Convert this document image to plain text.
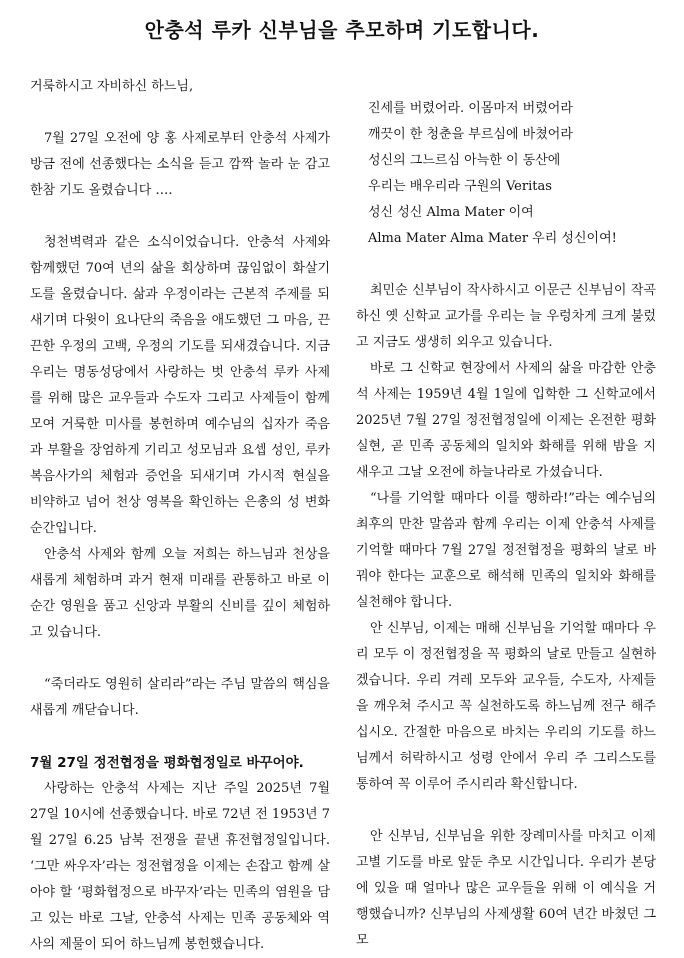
안충석 루카 신부님을 추모하며 기도합니다.

거룩하시고 자비하신 하느님,

7월 27일 오전에 양 홍 사제로부터 안충석 사제가 방금 전에 선종했다는 소식을 듣고 깜짝 놀라 눈 감고 한참 기도 올렸습니다 ….

청천벽력과 같은 소식이었습니다. 안충석 사제와 함께했던 70여 년의 삶을 회상하며 끊임없이 화살기도를 올렸습니다. 삶과 우정이라는 근본적 주제를 되새기며 다윗이 요나단의 죽음을 애도했던 그 마음, 끈끈한 우정의 고백, 우정의 기도를 되새겼습니다. 지금 우리는 명동성당에서 사랑하는 벗 안충석 루카 사제를 위해 많은 교우들과 수도자 그리고 사제들이 함께 모여 거룩한 미사를 봉헌하며 예수님의 십자가 죽음과 부활을 장엄하게 기리고 성모님과 요셉 성인, 루카 복음사가의 체험과 증언을 되새기며 가시적 현실을 비약하고 넘어 천상 영복을 확인하는 은총의 성 변화 순간입니다.

안충석 사제와 함께 오늘 저희는 하느님과 천상을 새롭게 체험하며 과거 현재 미래를 관통하고 바로 이 순간 영원을 품고 신앙과 부활의 신비를 깊이 체험하고 있습니다.

“죽더라도 영원히 살리라”라는 주님 말씀의 핵심을 새롭게 깨닫습니다.

7월 27일 정전협정을 평화협정일로 바꾸어야.

사랑하는 안충석 사제는 지난 주일 2025년 7월 27일 10시에 선종했습니다. 바로 72년 전 1953년 7월 27일 6.25 남북 전쟁을 끝낸 휴전협정일입니다. ‘그만 싸우자’라는 정전협정을 이제는 손잡고 함께 살아야 할 ‘평화협정으로 바꾸자’라는 민족의 염원을 담고 있는 바로 그날, 안충석 사제는 민족 공동체와 역사의 제물이 되어 하느님께 봉헌했습니다.

진세를 버렸어라. 이몸마저 버렸어라

깨끗이 한 청춘을 부르심에 바쳤어라

성신의 그느르심 아늑한 이 동산에

우리는 배우리라 구원의 Veritas

성신 성신 Alma Mater 이여

Alma Mater Alma Mater 우리 성신이여!

최민순 신부님이 작사하시고 이문근 신부님이 작곡하신 옛 신학교 교가를 우리는 늘 우렁차게 크게 불렀고 지금도 생생히 외우고 있습니다.

바로 그 신학교 현장에서 사제의 삶을 마감한 안충석 사제는 1959년 4월 1일에 입학한 그 신학교에서 2025년 7월 27일 정전협정일에 이제는 온전한 평화 실현, 곧 민족 공동체의 일치와 화해를 위해 밤을 지새우고 그날 오전에 하늘나라로 가셨습니다.

“나를 기억할 때마다 이를 행하라!”라는 예수님의 최후의 만찬 말씀과 함께 우리는 이제 안충석 사제를 기억할 때마다 7월 27일 정전협정을 평화의 날로 바꿔야 한다는 교훈으로 해석해 민족의 일치와 화해를 실천해야 합니다.

안 신부님, 이제는 매해 신부님을 기억할 때마다 우리 모두 이 정전협정을 꼭 평화의 날로 만들고 실현하겠습니다. 우리 겨레 모두와 교우들, 수도자, 사제들을 깨우쳐 주시고 꼭 실천하도록 하느님께 전구 해주십시오. 간절한 마음으로 바치는 우리의 기도를 하느님께서 허락하시고 성령 안에서 우리 주 그리스도를 통하여 꼭 이루어 주시리라 확신합니다.

안 신부님, 신부님을 위한 장례미사를 마치고 이제 고별 기도를 바로 앞둔 추모 시간입니다. 우리가 본당에 있을 때 얼마나 많은 교우들을 위해 이 예식을 거행했습니까? 신부님의 사제생활 60여 년간 바쳤던 그 모
